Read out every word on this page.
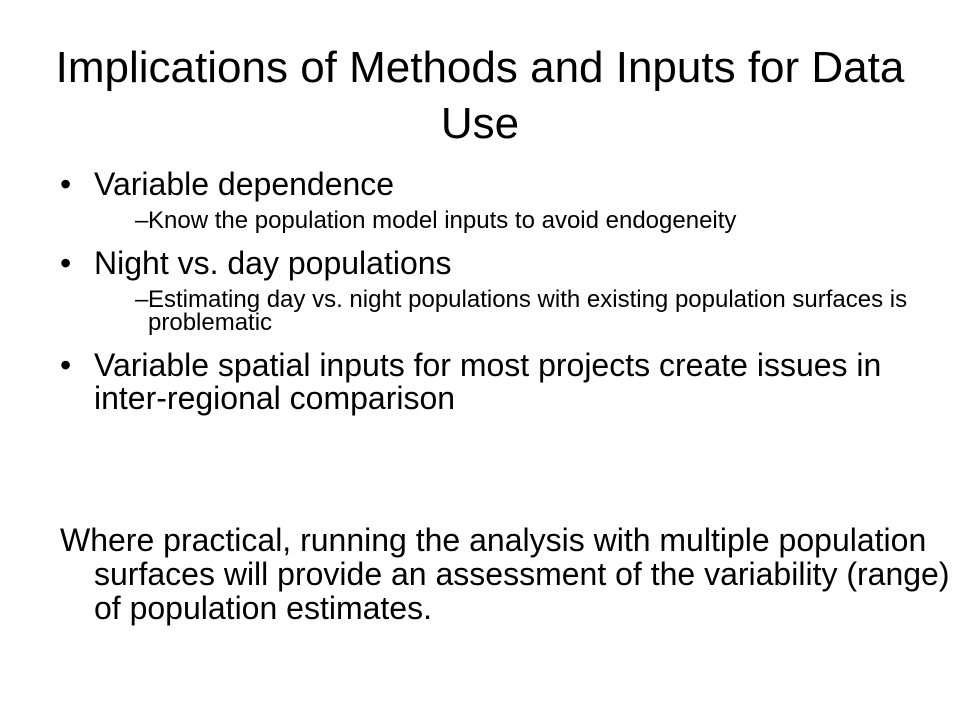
Implications of Methods and Inputs for Data Use
• Variable dependence
– Know the population model inputs to avoid endogeneity
• Night vs. day populations
– Estimating day vs. night populations with existing population surfaces is problematic
• Variable spatial inputs for most projects create issues in inter-regional comparison

Where practical, running the analysis with multiple population surfaces will provide an assessment of the variability (range) of population estimates.
